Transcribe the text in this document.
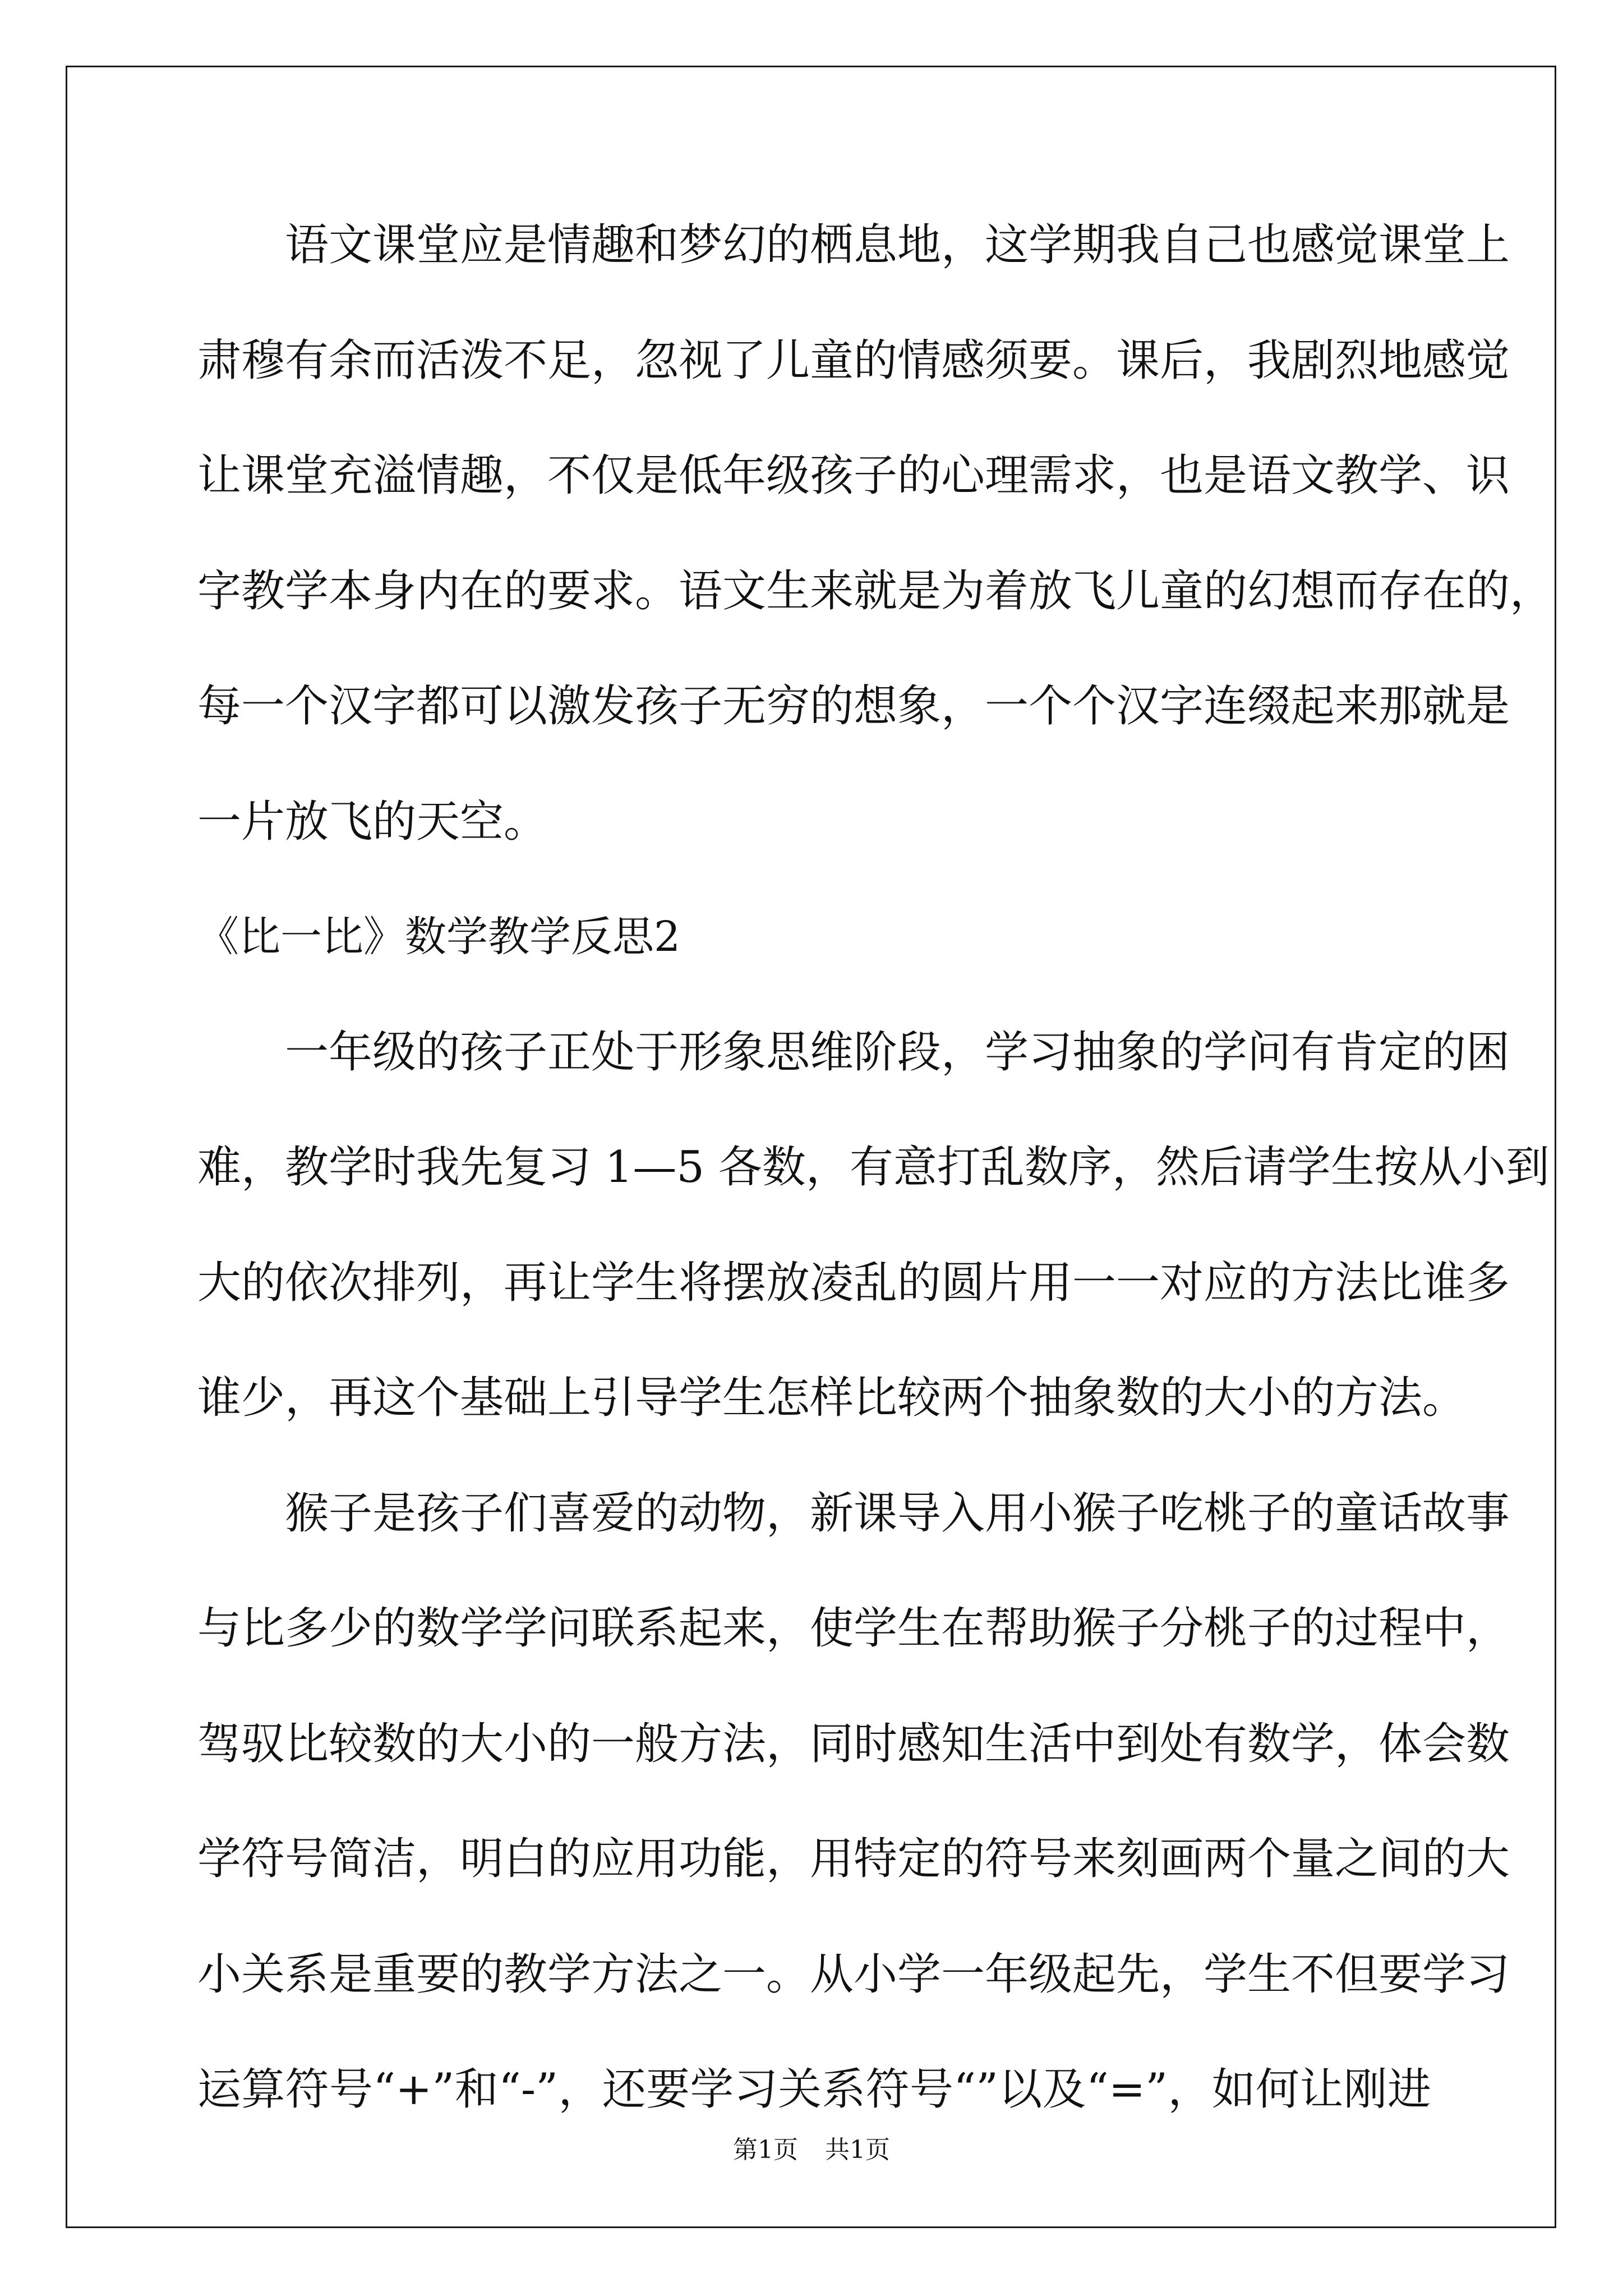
语文课堂应是情趣和梦幻的栖息地，这学期我自己也感觉课堂上
肃穆有余而活泼不足，忽视了儿童的情感须要。课后，我剧烈地感觉
让课堂充溢情趣，不仅是低年级孩子的心理需求，也是语文教学、识
字教学本身内在的要求。语文生来就是为着放飞儿童的幻想而存在的，
每一个汉字都可以激发孩子无穷的想象，一个个汉字连缀起来那就是
一片放飞的天空。
《比一比》数学教学反思2
一年级的孩子正处于形象思维阶段，学习抽象的学问有肯定的困
难，教学时我先复习 1—5 各数，有意打乱数序，然后请学生按从小到
大的依次排列，再让学生将摆放凌乱的圆片用一一对应的方法比谁多
谁少，再这个基础上引导学生怎样比较两个抽象数的大小的方法。
猴子是孩子们喜爱的动物，新课导入用小猴子吃桃子的童话故事
与比多少的数学学问联系起来，使学生在帮助猴子分桃子的过程中，
驾驭比较数的大小的一般方法，同时感知生活中到处有数学，体会数
学符号简洁，明白的应用功能，用特定的符号来刻画两个量之间的大
小关系是重要的教学方法之一。从小学一年级起先，学生不但要学习
运算符号“+”和“-”，还要学习关系符号“”以及“=”，如何让刚进
第1页 共1页
